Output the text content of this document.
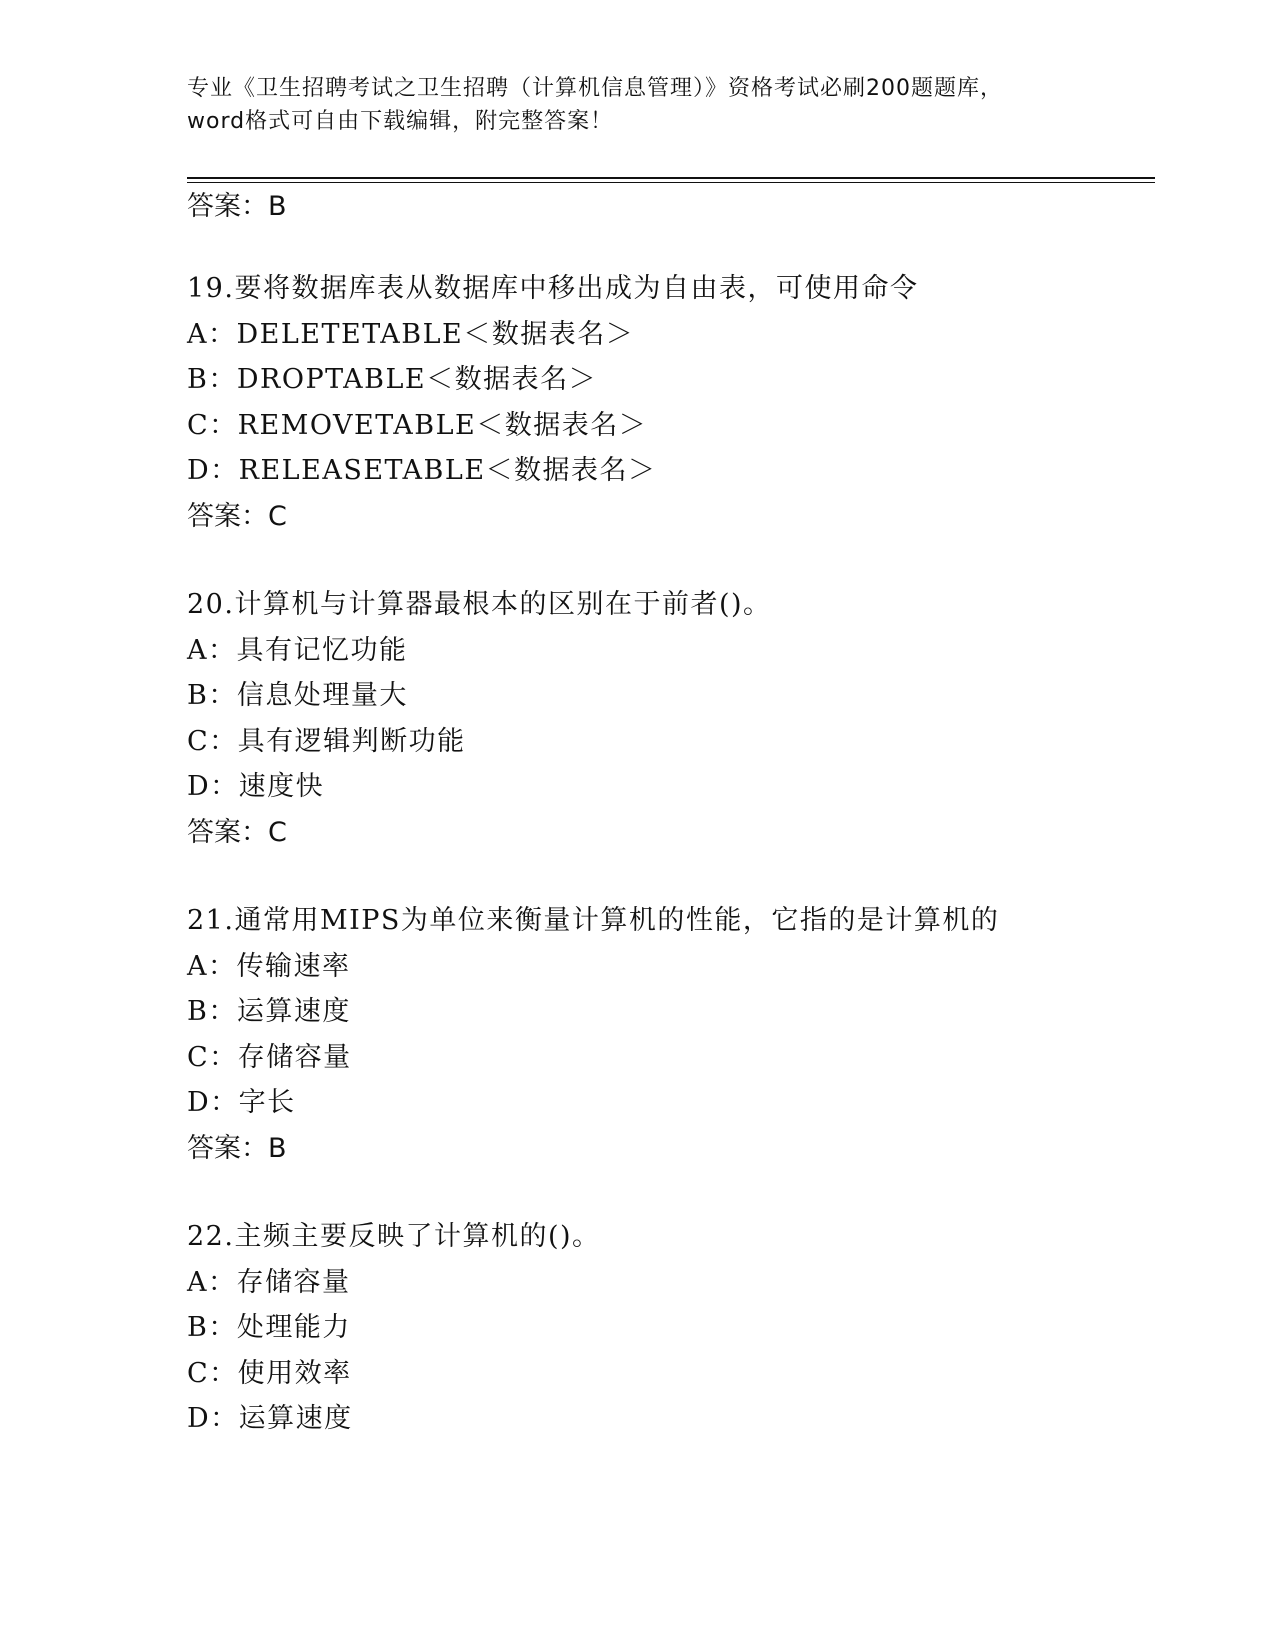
专业《卫生招聘考试之卫生招聘（计算机信息管理）》资格考试必刷200题题库，
word格式可自由下载编辑，附完整答案！
答案：B
19.要将数据库表从数据库中移出成为自由表，可使用命令
A：DELETETABLE＜数据表名＞
B：DROPTABLE＜数据表名＞
C：REMOVETABLE＜数据表名＞
D：RELEASETABLE＜数据表名＞
答案：C
20.计算机与计算器最根本的区别在于前者()。
A：具有记忆功能
B：信息处理量大
C：具有逻辑判断功能
D：速度快
答案：C
21.通常用MIPS为单位来衡量计算机的性能，它指的是计算机的
A：传输速率
B：运算速度
C：存储容量
D：字长
答案：B
22.主频主要反映了计算机的()。
A：存储容量
B：处理能力
C：使用效率
D：运算速度
